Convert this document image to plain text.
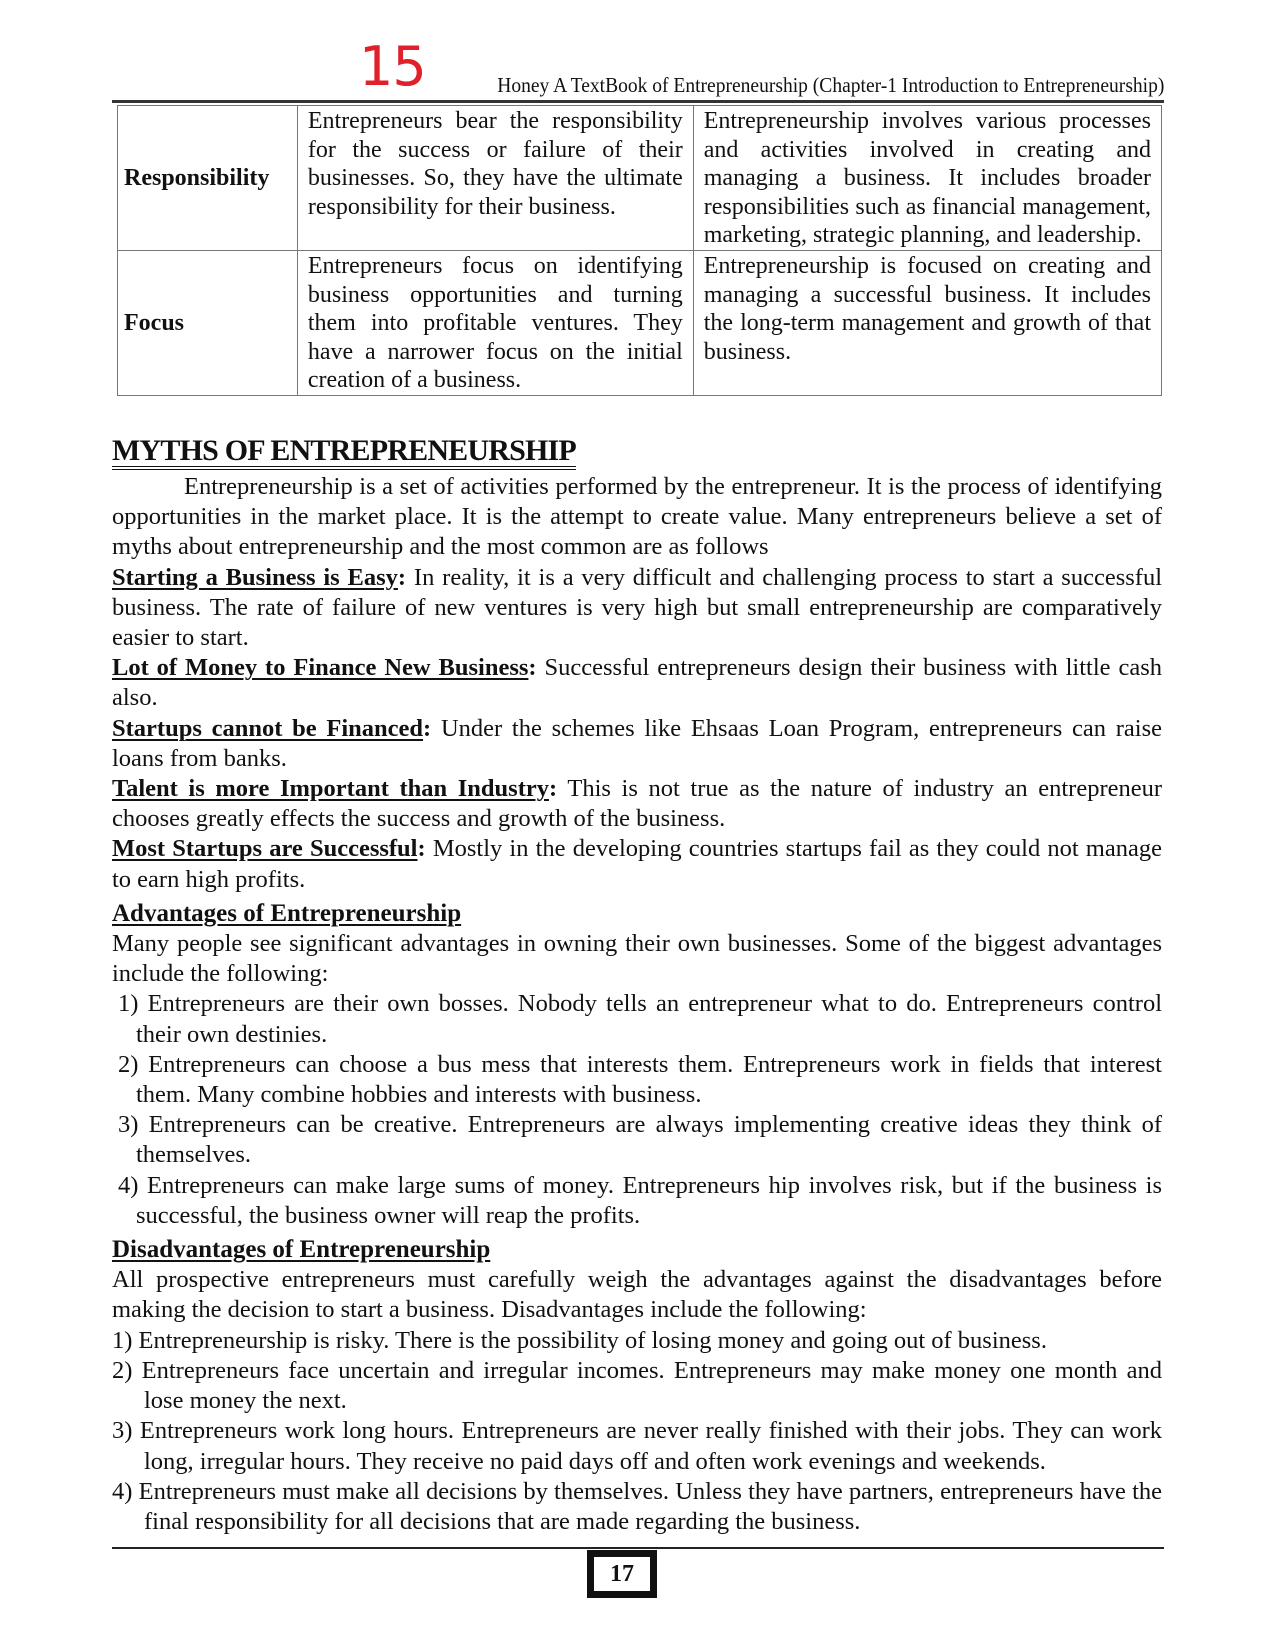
15	Honey A TextBook of Entrepreneurship (Chapter-1 Introduction to Entrepreneurship)
Responsibility	Entrepreneurs bear the responsibility for the success or failure of their businesses. So, they have the ultimate responsibility for their business.	Entrepreneurship involves various processes and activities involved in creating and managing a business. It includes broader responsibilities such as financial management, marketing, strategic planning, and leadership.
Focus	Entrepreneurs focus on identifying business opportunities and turning them into profitable ventures. They have a narrower focus on the initial creation of a business.	Entrepreneurship is focused on creating and managing a successful business. It includes the long-term management and growth of that business.
MYTHS OF ENTREPRENEURSHIP

Entrepreneurship is a set of activities performed by the entrepreneur. It is the process of identifying opportunities in the market place. It is the attempt to create value. Many entrepreneurs believe a set of myths about entrepreneurship and the most common are as follows

Starting a Business is Easy: In reality, it is a very difficult and challenging process to start a successful business. The rate of failure of new ventures is very high but small entrepreneurship are comparatively easier to start.

Lot of Money to Finance New Business: Successful entrepreneurs design their business with little cash also.

Startups cannot be Financed: Under the schemes like Ehsaas Loan Program, entrepreneurs can raise loans from banks.

Talent is more Important than Industry: This is not true as the nature of industry an entrepreneur chooses greatly effects the success and growth of the business.

Most Startups are Successful: Mostly in the developing countries startups fail as they could not manage to earn high profits.

Advantages of Entrepreneurship

Many people see significant advantages in owning their own businesses. Some of the biggest advantages include the following:

1) Entrepreneurs are their own bosses. Nobody tells an entrepreneur what to do. Entrepreneurs control their own destinies.

2) Entrepreneurs can choose a bus mess that interests them. Entrepreneurs work in fields that interest them. Many combine hobbies and interests with business.

3) Entrepreneurs can be creative. Entrepreneurs are always implementing creative ideas they think of themselves.

4) Entrepreneurs can make large sums of money. Entrepreneurs hip involves risk, but if the business is successful, the business owner will reap the profits.

Disadvantages of Entrepreneurship

All prospective entrepreneurs must carefully weigh the advantages against the disadvantages before making the decision to start a business. Disadvantages include the following:

1) Entrepreneurship is risky. There is the possibility of losing money and going out of business.

2) Entrepreneurs face uncertain and irregular incomes. Entrepreneurs may make money one month and lose money the next.

3) Entrepreneurs work long hours. Entrepreneurs are never really finished with their jobs. They can work long, irregular hours. They receive no paid days off and often work evenings and weekends.

4) Entrepreneurs must make all decisions by themselves. Unless they have partners, entrepreneurs have the final responsibility for all decisions that are made regarding the business.

17
